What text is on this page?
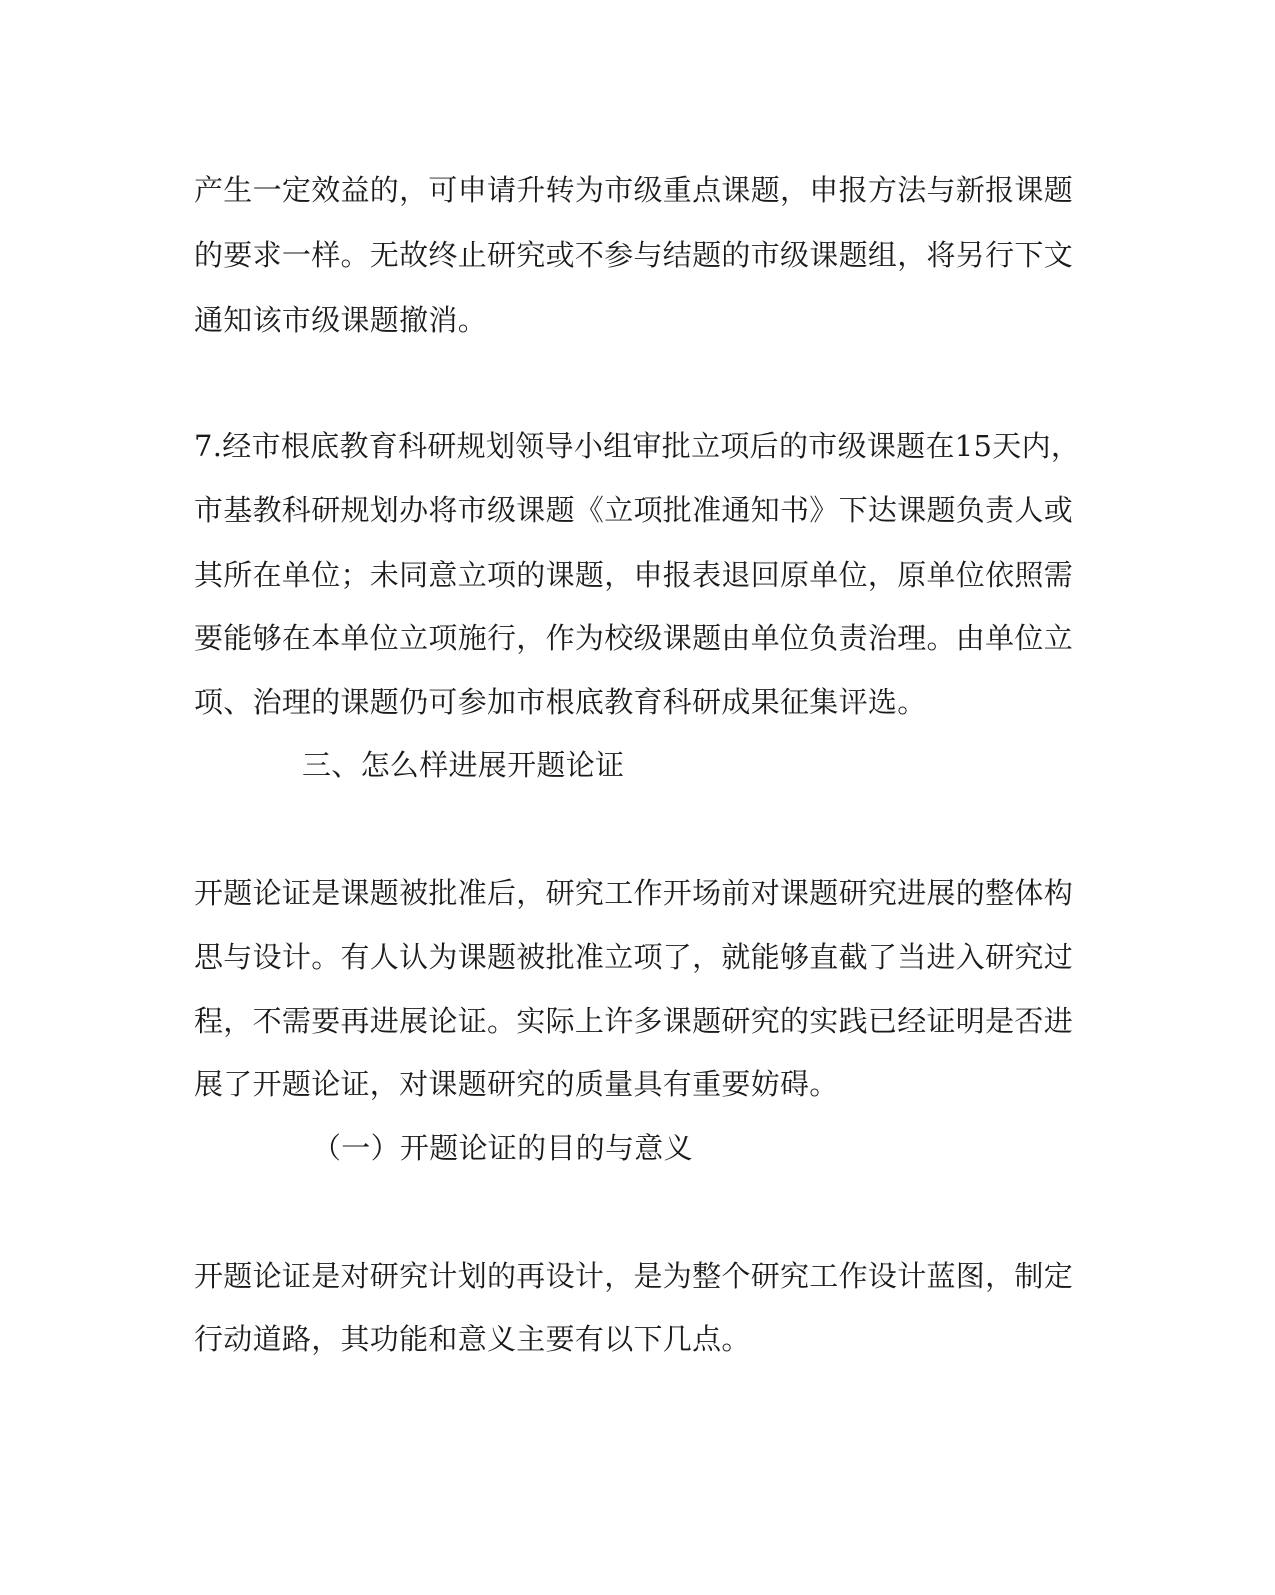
产生一定效益的，可申请升转为市级重点课题，申报方法与新报课题
的要求一样。无故终止研究或不参与结题的市级课题组，将另行下文
通知该市级课题撤消。
7.经市根底教育科研规划领导小组审批立项后的市级课题在15天内，
市基教科研规划办将市级课题《立项批准通知书》下达课题负责人或
其所在单位；未同意立项的课题，申报表退回原单位，原单位依照需
要能够在本单位立项施行，作为校级课题由单位负责治理。由单位立
项、治理的课题仍可参加市根底教育科研成果征集评选。
三、怎么样进展开题论证
开题论证是课题被批准后，研究工作开场前对课题研究进展的整体构
思与设计。有人认为课题被批准立项了，就能够直截了当进入研究过
程，不需要再进展论证。实际上许多课题研究的实践已经证明是否进
展了开题论证，对课题研究的质量具有重要妨碍。
（一）开题论证的目的与意义
开题论证是对研究计划的再设计，是为整个研究工作设计蓝图，制定
行动道路，其功能和意义主要有以下几点。
